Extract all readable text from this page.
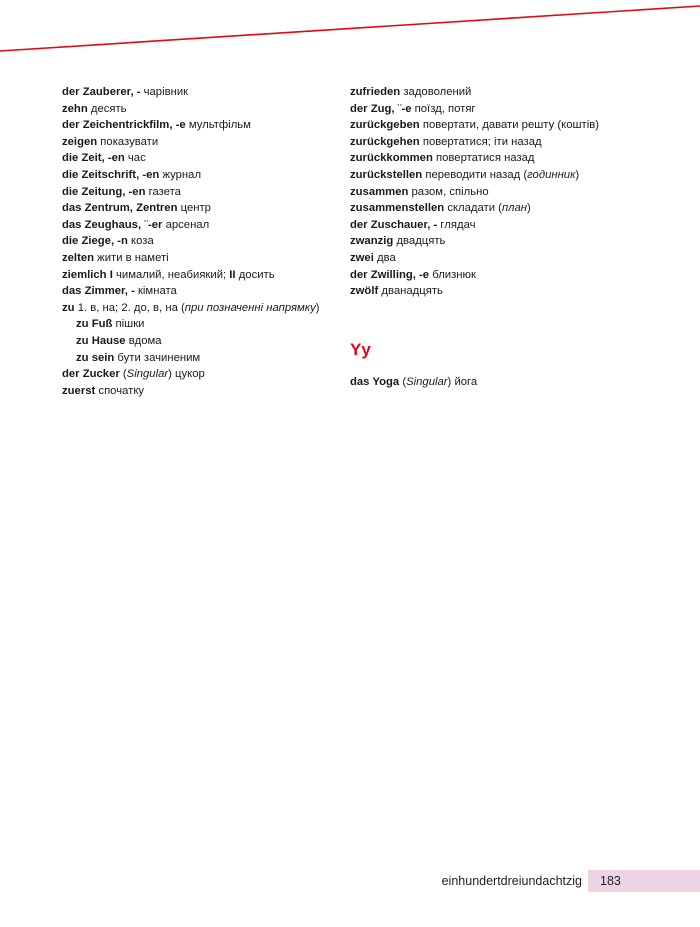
der Zauberer, - чарівник
zehn десять
der Zeichentrickfilm, -e мультфільм
zeigen показувати
die Zeit, -en час
die Zeitschrift, -en журнал
die Zeitung, -en газета
das Zentrum, Zentren центр
das Zeughaus, ¨-er арсенал
die Ziege, -n коза
zelten жити в наметі
ziemlich I чималий, неабиякий; II досить
das Zimmer, - кімната
zu 1. в, на; 2. до, в, на (при позначенні напрямку)
zu Fuß пішки
zu Hause вдома
zu sein бути зачиненим
der Zucker (Singular) цукор
zuerst спочатку
zufrieden задоволений
der Zug, ¨-e поїзд, потяг
zurückgeben повертати, давати решту (коштів)
zurückgehen повертатися; іти назад
zurückkommen повертатися назад
zurückstellen переводити назад (годинник)
zusammen разом, спільно
zusammenstellen складати (план)
der Zuschauer, - глядач
zwanzig двадцять
zwei два
der Zwilling, -e близнюк
zwölf дванадцять
Yy
das Yoga (Singular) йога
einhundertdreiundachtzig 183
